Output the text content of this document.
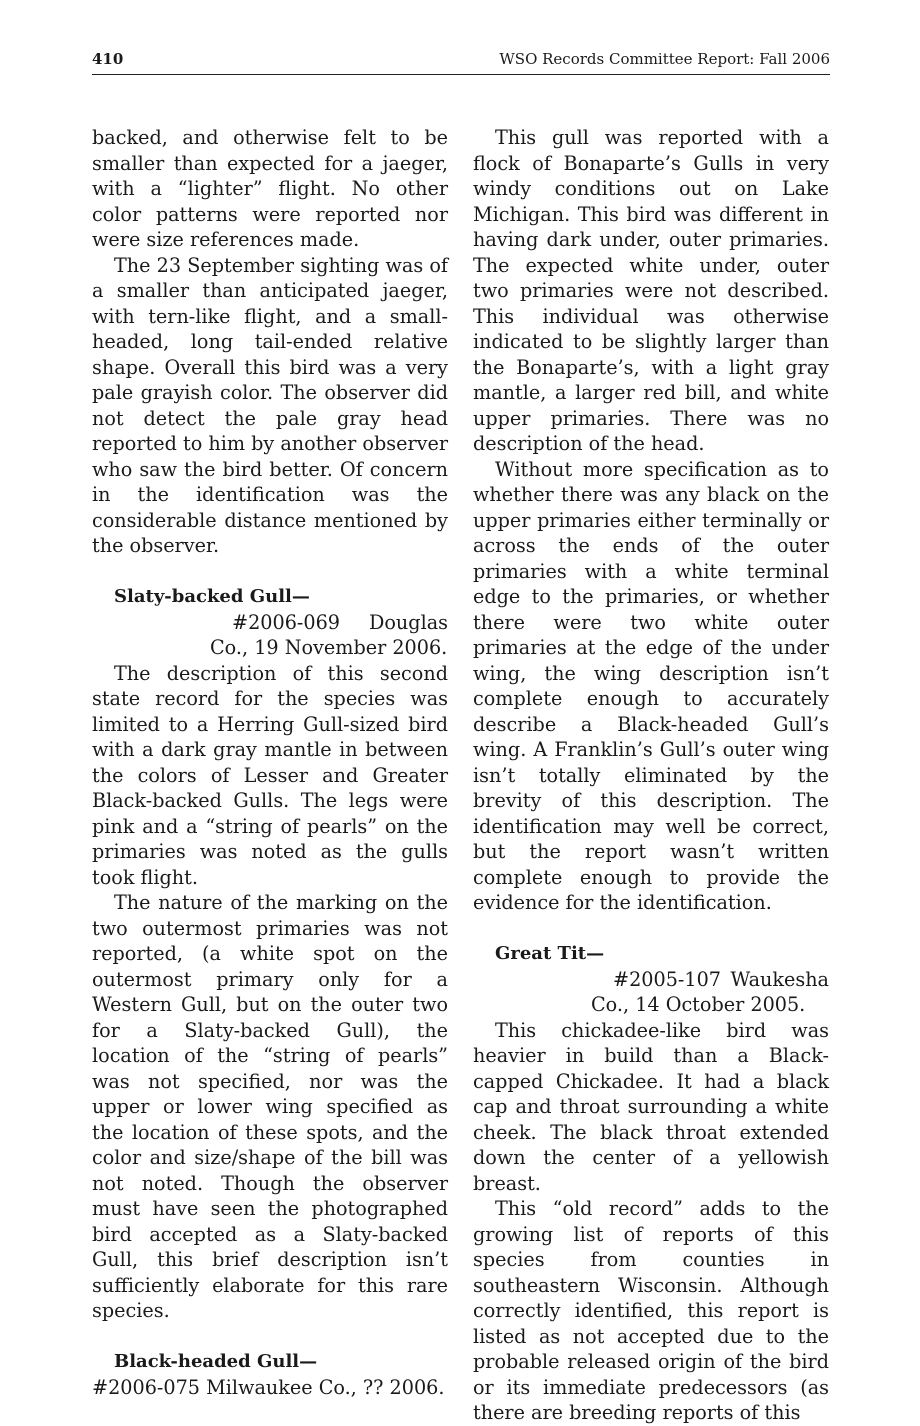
410	WSO Records Committee Report: Fall 2006

backed, and otherwise felt to be smaller than expected for a jaeger, with a “lighter” flight. No other color patterns were reported nor were size references made.

The 23 September sighting was of a smaller than anticipated jaeger, with tern-like flight, and a small-headed, long tail-ended relative shape. Overall this bird was a very pale grayish color. The observer did not detect the pale gray head reported to him by another observer who saw the bird better. Of concern in the identification was the considerable distance mentioned by the observer.

Slaty-backed Gull—

#2006-069 Douglas Co., 19 November 2006.

The description of this second state record for the species was limited to a Herring Gull-sized bird with a dark gray mantle in between the colors of Lesser and Greater Black-backed Gulls. The legs were pink and a “string of pearls” on the primaries was noted as the gulls took flight.

The nature of the marking on the two outermost primaries was not reported, (a white spot on the outermost primary only for a Western Gull, but on the outer two for a Slaty-backed Gull), the location of the “string of pearls” was not specified, nor was the upper or lower wing specified as the location of these spots, and the color and size/shape of the bill was not noted. Though the observer must have seen the photographed bird accepted as a Slaty-backed Gull, this brief description isn’t sufficiently elaborate for this rare species.

Black-headed Gull—

#2006-075 Milwaukee Co., ?? 2006.

This gull was reported with a flock of Bonaparte’s Gulls in very windy conditions out on Lake Michigan. This bird was different in having dark under, outer primaries. The expected white under, outer two primaries were not described. This individual was otherwise indicated to be slightly larger than the Bonaparte’s, with a light gray mantle, a larger red bill, and white upper primaries. There was no description of the head.

Without more specification as to whether there was any black on the upper primaries either terminally or across the ends of the outer primaries with a white terminal edge to the primaries, or whether there were two white outer primaries at the edge of the under wing, the wing description isn’t complete enough to accurately describe a Black-headed Gull’s wing. A Franklin’s Gull’s outer wing isn’t totally eliminated by the brevity of this description. The identification may well be correct, but the report wasn’t written complete enough to provide the evidence for the identification.

Great Tit—

#2005-107 Waukesha Co., 14 October 2005.

This chickadee-like bird was heavier in build than a Black-capped Chickadee. It had a black cap and throat surrounding a white cheek. The black throat extended down the center of a yellowish breast.

This “old record” adds to the growing list of reports of this species from counties in southeastern Wisconsin. Although correctly identified, this report is listed as not accepted due to the probable released origin of the bird or its immediate predecessors (as there are breeding reports of this
